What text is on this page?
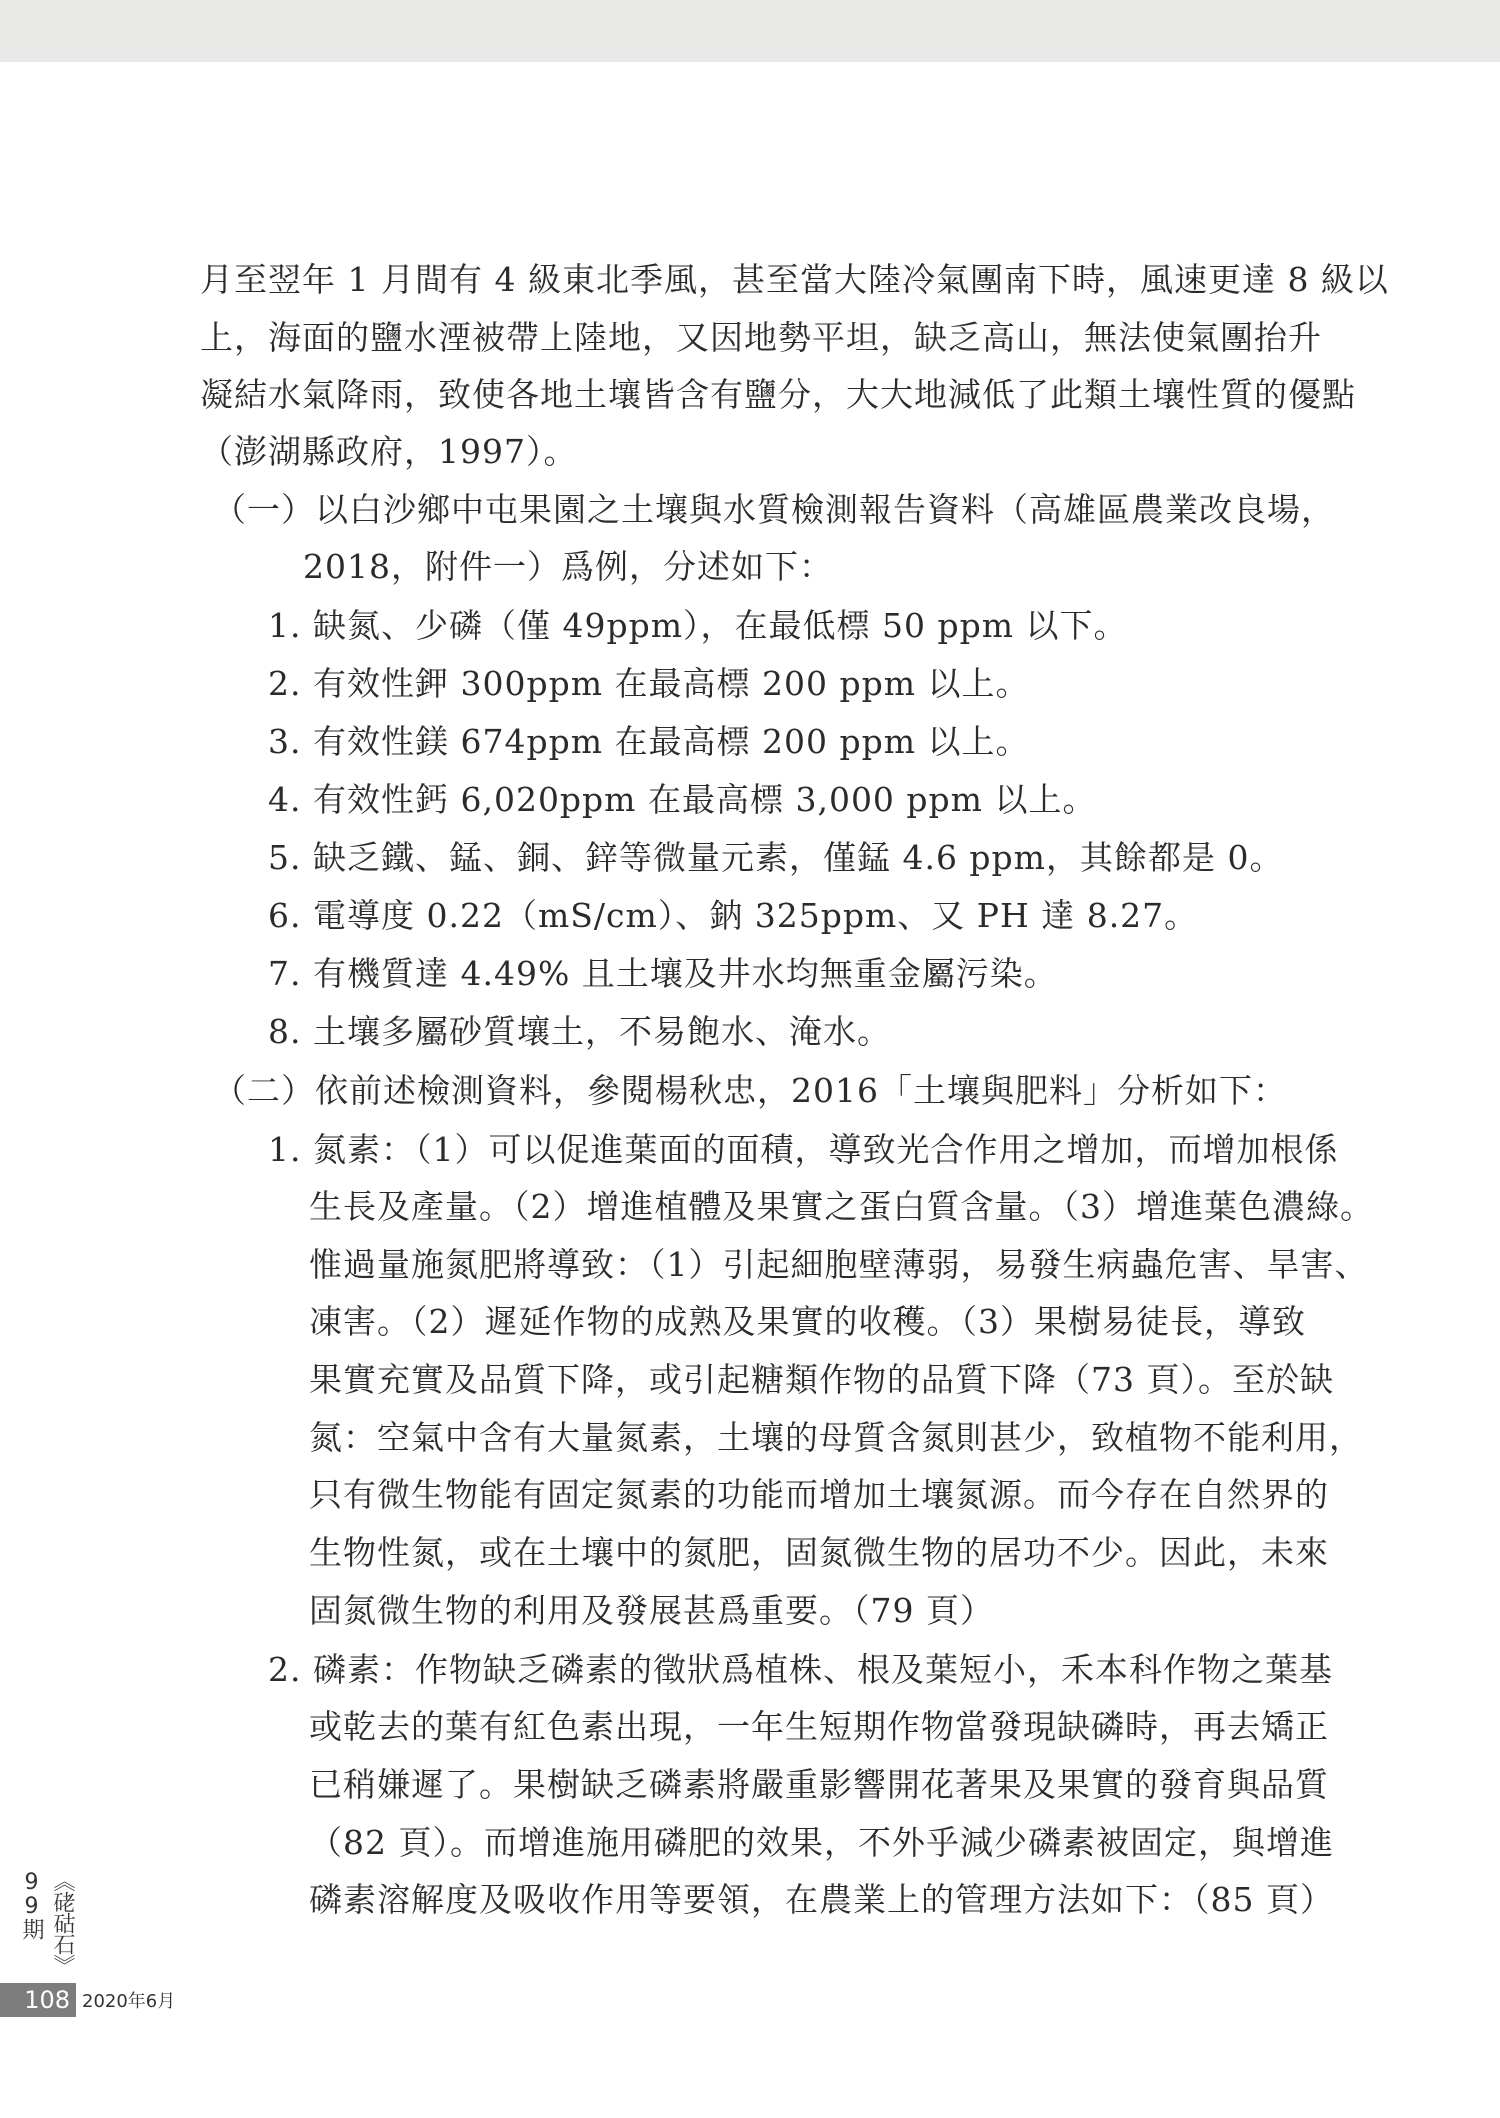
月至翌年 1 月間有 4 級東北季風，甚至當大陸冷氣團南下時，風速更達 8 級以
上，海面的鹽水湮被帶上陸地，又因地勢平坦，缺乏高山，無法使氣團抬升
凝結水氣降雨，致使各地土壤皆含有鹽分，大大地減低了此類土壤性質的優點
（澎湖縣政府，1997）。
（一）以白沙鄉中屯果園之土壤與水質檢測報告資料（高雄區農業改良場，
2018，附件一）爲例，分述如下：
1. 缺氮、少磷（僅 49ppm），在最低標 50 ppm 以下。
2. 有效性鉀 300ppm 在最高標 200 ppm 以上。
3. 有效性鎂 674ppm 在最高標 200 ppm 以上。
4. 有效性鈣 6,020ppm 在最高標 3,000 ppm 以上。
5. 缺乏鐵、錳、銅、鋅等微量元素，僅錳 4.6 ppm，其餘都是 0。
6. 電導度 0.22（mS/cm）、鈉 325ppm、又 PH 達 8.27。
7. 有機質達 4.49% 且土壤及井水均無重金屬污染。
8. 土壤多屬砂質壤土，不易飽水、淹水。
（二）依前述檢測資料，參閱楊秋忠，2016「土壤與肥料」分析如下：
1. 氮素：（1）可以促進葉面的面積，導致光合作用之增加，而增加根係
生長及產量。（2）增進植體及果實之蛋白質含量。（3）增進葉色濃綠。
惟過量施氮肥將導致：（1）引起細胞壁薄弱，易發生病蟲危害、旱害、
凍害。（2）遲延作物的成熟及果實的收穫。（3）果樹易徒長，導致
果實充實及品質下降，或引起糖類作物的品質下降（73 頁）。至於缺
氮：空氣中含有大量氮素，土壤的母質含氮則甚少，致植物不能利用，
只有微生物能有固定氮素的功能而增加土壤氮源。而今存在自然界的
生物性氮，或在土壤中的氮肥，固氮微生物的居功不少。因此，未來
固氮微生物的利用及發展甚爲重要。（79 頁）
2. 磷素：作物缺乏磷素的徵狀爲植株、根及葉短小，禾本科作物之葉基
或乾去的葉有紅色素出現，一年生短期作物當發現缺磷時，再去矯正
已稍嫌遲了。果樹缺乏磷素將嚴重影響開花著果及果實的發育與品質
（82 頁）。而增進施用磷肥的效果，不外乎減少磷素被固定，與增進
磷素溶解度及吸收作用等要領，在農業上的管理方法如下：（85 頁）
《硓𥑮石》99期
108 2020年6月
